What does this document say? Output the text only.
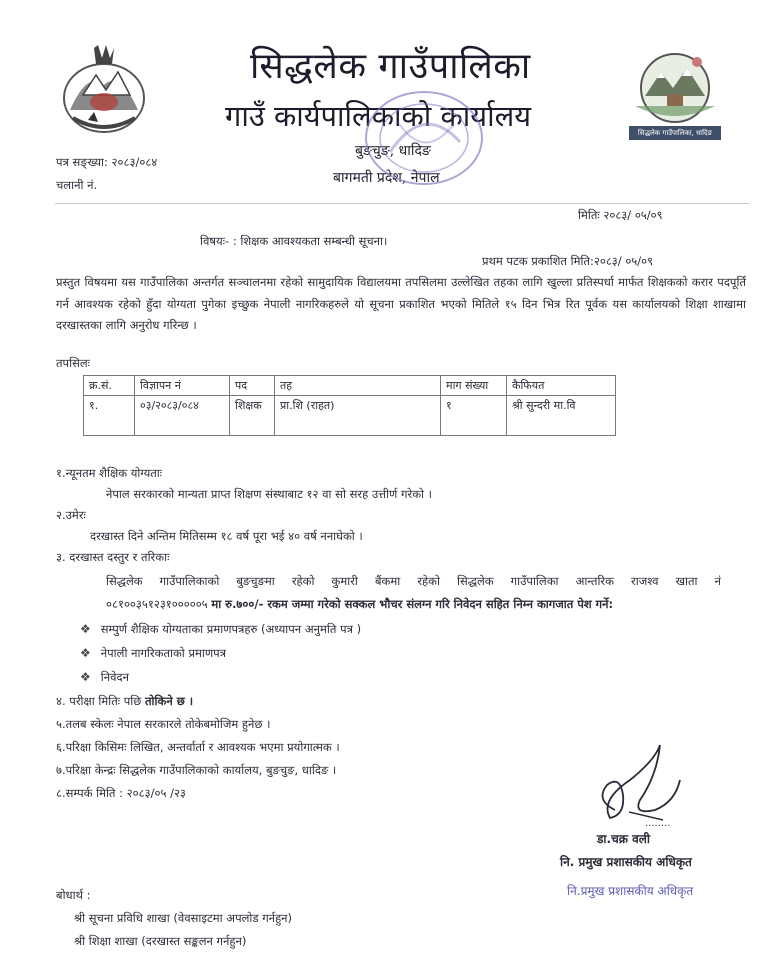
सिद्धलेक गाउँपालिका
गाउँ कार्यपालिकाको कार्यालय
बुङचुङ, धादिङ
बागमती प्रदेश, नेपाल
सिद्धलेक गाउँपालिका, धादिङ
पत्र सङ्ख्या: २०८३/०८४
चलानी नं.
मितिः २०८३/ ०५/०९
विषयः- : शिक्षक आवश्यकता सम्बन्धी सूचना।
प्रथम पटक प्रकाशित मिति:२०८३/ ०५/०९
प्रस्तुत विषयमा यस गाउँपालिका अन्तर्गत सञ्चालनमा रहेको सामुदायिक विद्यालयमा तपसिलमा उल्लेखित तहका लागि खुल्ला प्रतिस्पर्धा मार्फत शिक्षकको करार पदपूर्ति गर्न आवश्यक रहेको हुँदा योग्यता पुगेका इच्छुक नेपाली नागरिकहरुले यो सूचना प्रकाशित भएको मितिले १५ दिन भित्र रित पूर्वक यस कार्यालयको शिक्षा शाखामा दरखास्तका लागि अनुरोध गरिन्छ ।
तपसिलः
क्र.सं.	विज्ञापन नं	पद	तह	माग संख्या	कैफियत
१.	०३/२०८३/०८४	शिक्षक	प्रा.शि (राहत)	१	श्री सुन्दरी मा.वि
१.न्यूनतम शैक्षिक योग्यताः
नेपाल सरकारको मान्यता प्राप्त शिक्षण संस्थाबाट १२ वा सो सरह उत्तीर्ण गरेको ।
२.उमेरः
दरखास्त दिने अन्तिम मितिसम्म १८ वर्ष पूरा भई ४० वर्ष ननाघेको ।
३. दरखास्त दस्तुर र तरिकाः
सिद्धलेक गाउँपालिकाको बुङचुङमा रहेको कुमारी बैंकमा रहेको सिद्धलेक गाउँपालिका आन्तरिक राजश्व खाता नं
०८१००३५१२३१०००००५ मा रु.७००/- रकम जम्मा गरेको सक्कल भौचर संलग्न गरि निवेदन सहित निम्न कागजात पेश गर्ने:
❖ सम्पुर्ण शैक्षिक योग्यताका प्रमाणपत्रहरु (अध्यापन अनुमति पत्र )
❖ नेपाली नागरिकताको प्रमाणपत्र
❖ निवेदन
४. परीक्षा मितिः पछि तोकिने छ ।
५.तलब स्केलः नेपाल सरकारले तोकेबमोजिम हुनेछ ।
६.परिक्षा किसिमः लिखित, अन्तर्वार्ता र आवश्यक भएमा प्रयोगात्मक ।
७.परिक्षा केन्द्रः सिद्धलेक गाउँपालिकाको कार्यालय, बुङचुङ, धादिङ ।
८.सम्पर्क मिति : २०८३/०५ /२३
........
डा.चक्र वली
नि. प्रमुख प्रशासकीय अधिकृत
नि.प्रमुख प्रशासकीय अधिकृत
बोधार्थ :
श्री सूचना प्रविधि शाखा (वेवसाइटमा अपलोड गर्नहुन)
श्री शिक्षा शाखा (दरखास्त सङ्कलन गर्नहुन)
